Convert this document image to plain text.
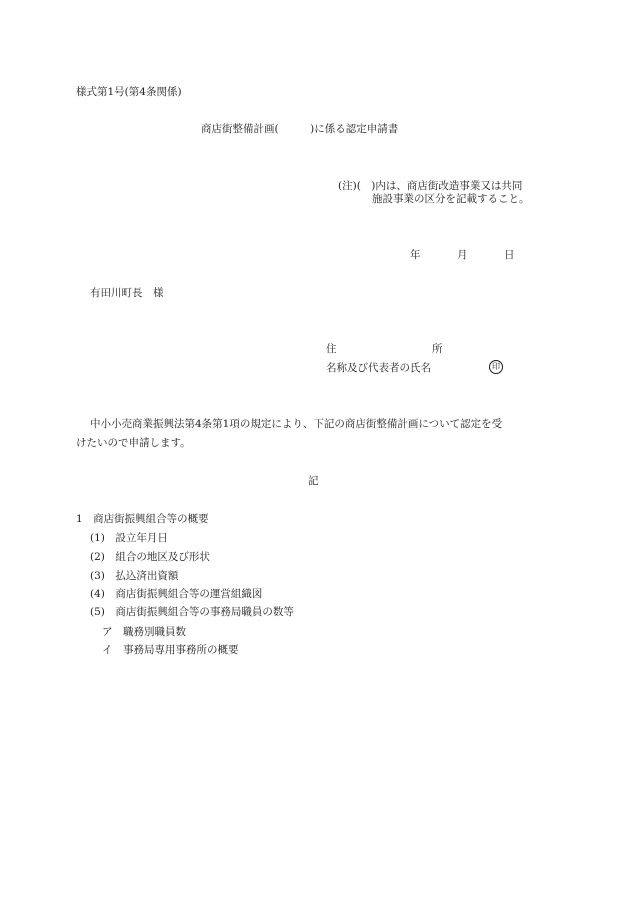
様式第1号(第4条関係)
商店街整備計画(　　　)に係る認定申請書
(注)(　)内は、商店街改造事業又は共同
施設事業の区分を記載すること。
年	月	日
有田川町長　様
住	所
名称及び代表者の氏名	印
中小小売商業振興法第4条第1項の規定により、下記の商店街整備計画について認定を受
けたいので申請します。
記
1　商店街振興組合等の概要
(1)　設立年月日
(2)　組合の地区及び形状
(3)　払込済出資額
(4)　商店街振興組合等の運営組織図
(5)　商店街振興組合等の事務局職員の数等
ア　職務別職員数
イ　事務局専用事務所の概要
